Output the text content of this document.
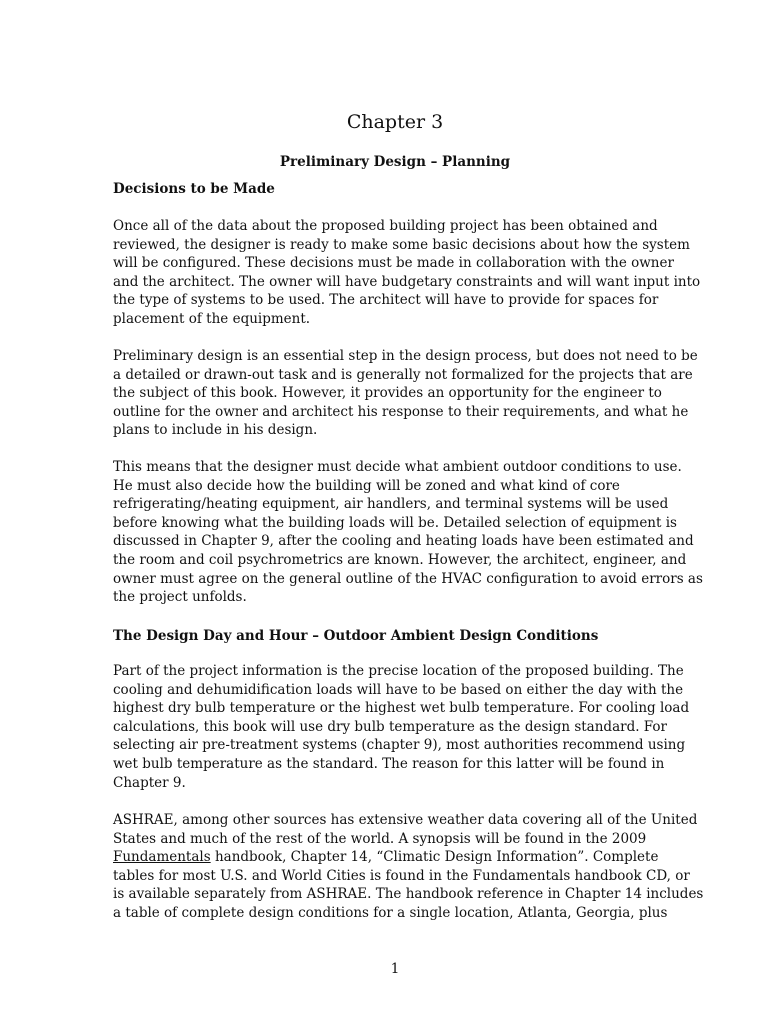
Chapter 3
Preliminary Design – Planning
Decisions to be Made

Once all of the data about the proposed building project has been obtained and
reviewed, the designer is ready to make some basic decisions about how the system
will be configured. These decisions must be made in collaboration with the owner
and the architect. The owner will have budgetary constraints and will want input into
the type of systems to be used. The architect will have to provide for spaces for
placement of the equipment.

Preliminary design is an essential step in the design process, but does not need to be
a detailed or drawn-out task and is generally not formalized for the projects that are
the subject of this book. However, it provides an opportunity for the engineer to
outline for the owner and architect his response to their requirements, and what he
plans to include in his design.

This means that the designer must decide what ambient outdoor conditions to use.
He must also decide how the building will be zoned and what kind of core
refrigerating/heating equipment, air handlers, and terminal systems will be used
before knowing what the building loads will be. Detailed selection of equipment is
discussed in Chapter 9, after the cooling and heating loads have been estimated and
the room and coil psychrometrics are known. However, the architect, engineer, and
owner must agree on the general outline of the HVAC configuration to avoid errors as
the project unfolds.

The Design Day and Hour – Outdoor Ambient Design Conditions

Part of the project information is the precise location of the proposed building. The
cooling and dehumidification loads will have to be based on either the day with the
highest dry bulb temperature or the highest wet bulb temperature. For cooling load
calculations, this book will use dry bulb temperature as the design standard. For
selecting air pre-treatment systems (chapter 9), most authorities recommend using
wet bulb temperature as the standard. The reason for this latter will be found in
Chapter 9.

ASHRAE, among other sources has extensive weather data covering all of the United
States and much of the rest of the world. A synopsis will be found in the 2009
Fundamentals handbook, Chapter 14, “Climatic Design Information”. Complete
tables for most U.S. and World Cities is found in the Fundamentals handbook CD, or
is available separately from ASHRAE. The handbook reference in Chapter 14 includes
a table of complete design conditions for a single location, Atlanta, Georgia, plus

1
